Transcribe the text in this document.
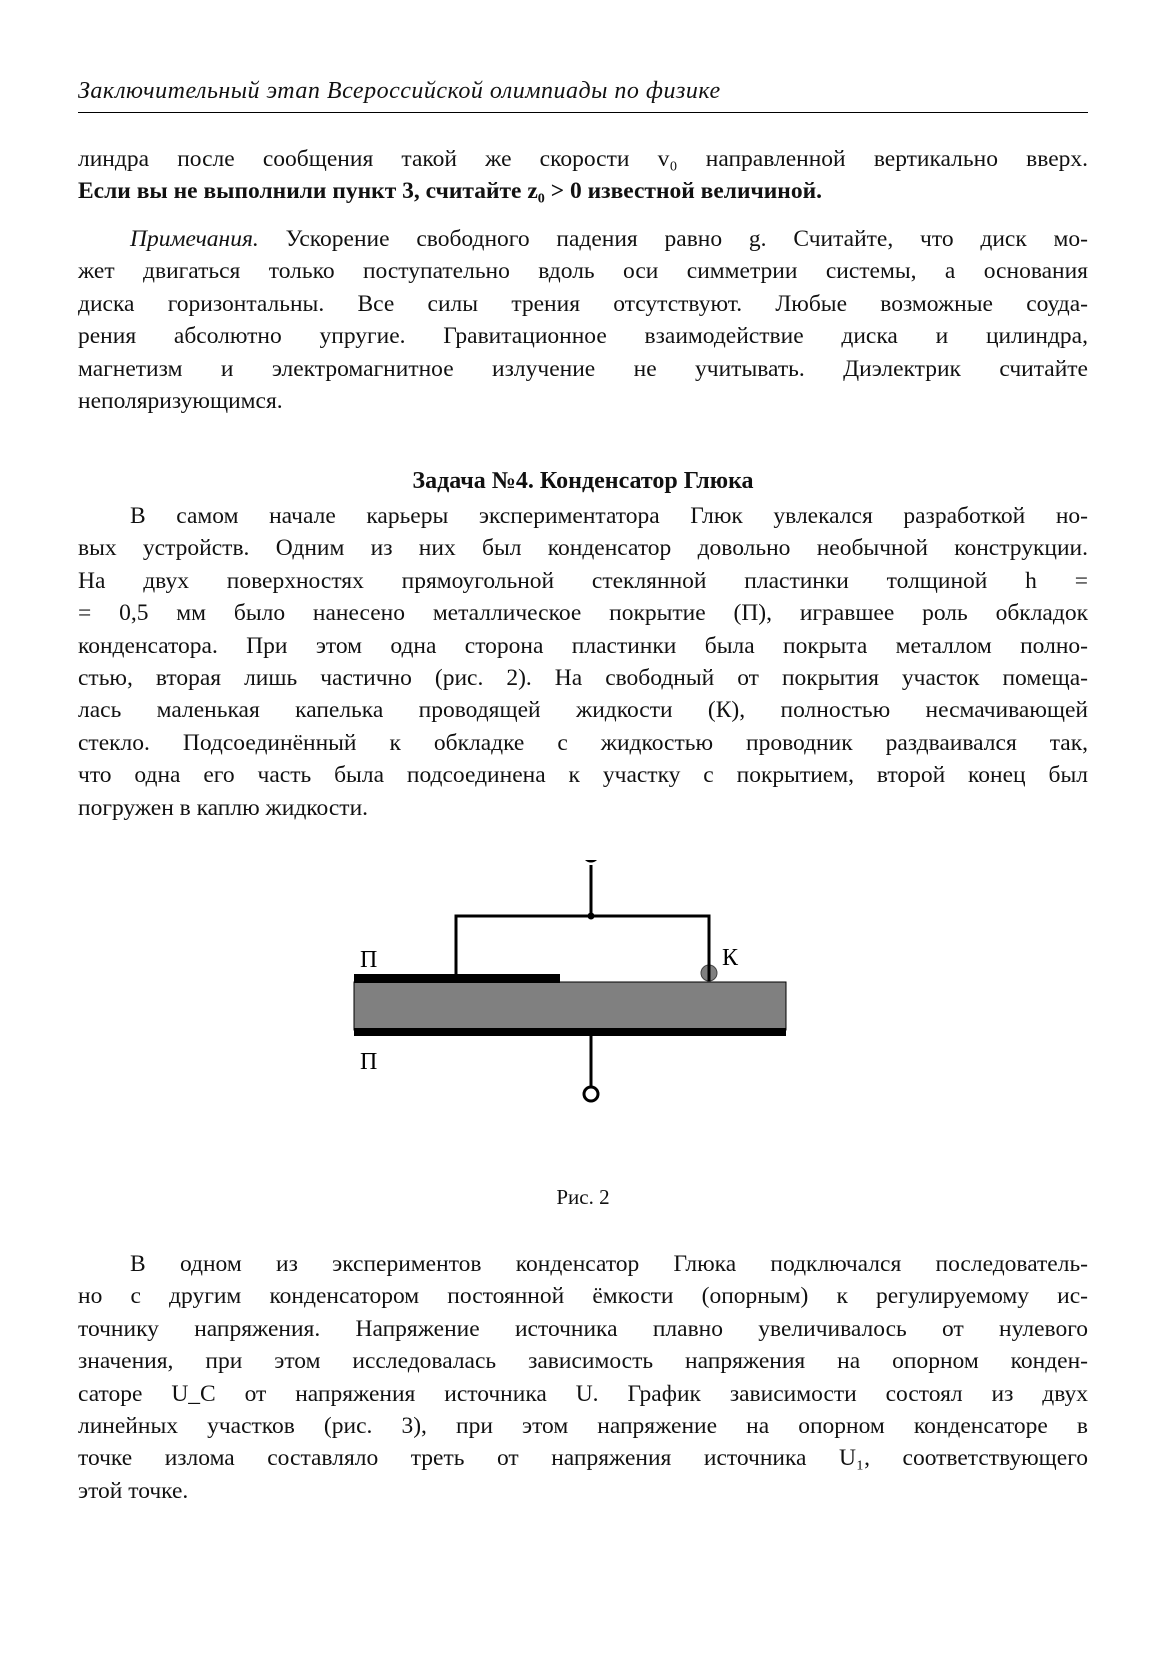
Заключительный этап Всероссийской олимпиады по физике
линдра после сообщения такой же скорости v₀ направленной вертикально вверх.
Если вы не выполнили пункт 3, считайте z₀ > 0 известной величиной.
Примечания. Ускорение свободного падения равно g. Считайте, что диск мо-
жет двигаться только поступательно вдоль оси симметрии системы, а основания
диска горизонтальны. Все силы трения отсутствуют. Любые возможные соуда-
рения абсолютно упругие. Гравитационное взаимодействие диска и цилиндра,
магнетизм и электромагнитное излучение не учитывать. Диэлектрик считайте
неполяризующимся.
Задача №4. Конденсатор Глюка
В самом начале карьеры экспериментатора Глюк увлекался разработкой но-
вых устройств. Одним из них был конденсатор довольно необычной конструкции.
На двух поверхностях прямоугольной стеклянной пластинки толщиной h =
= 0,5 мм было нанесено металлическое покрытие (П), игравшее роль обкладок
конденсатора. При этом одна сторона пластинки была покрыта металлом полно-
стью, вторая лишь частично (рис. 2). На свободный от покрытия участок помеща-
лась маленькая капелька проводящей жидкости (К), полностью несмачивающей
стекло. Подсоединённый к обкладке с жидкостью проводник раздваивался так,
что одна его часть была подсоединена к участку с покрытием, второй конец был
погружен в каплю жидкости.
П
П
К
Рис. 2
В одном из экспериментов конденсатор Глюка подключался последователь-
но с другим конденсатором постоянной ёмкости (опорным) к регулируемому ис-
точнику напряжения. Напряжение источника плавно увеличивалось от нулевого
значения, при этом исследовалась зависимость напряжения на опорном конден-
саторе U_C от напряжения источника U. График зависимости состоял из двух
линейных участков (рис. 3), при этом напряжение на опорном конденсаторе в
точке излома составляло треть от напряжения источника U₁, соответствующего
этой точке.
